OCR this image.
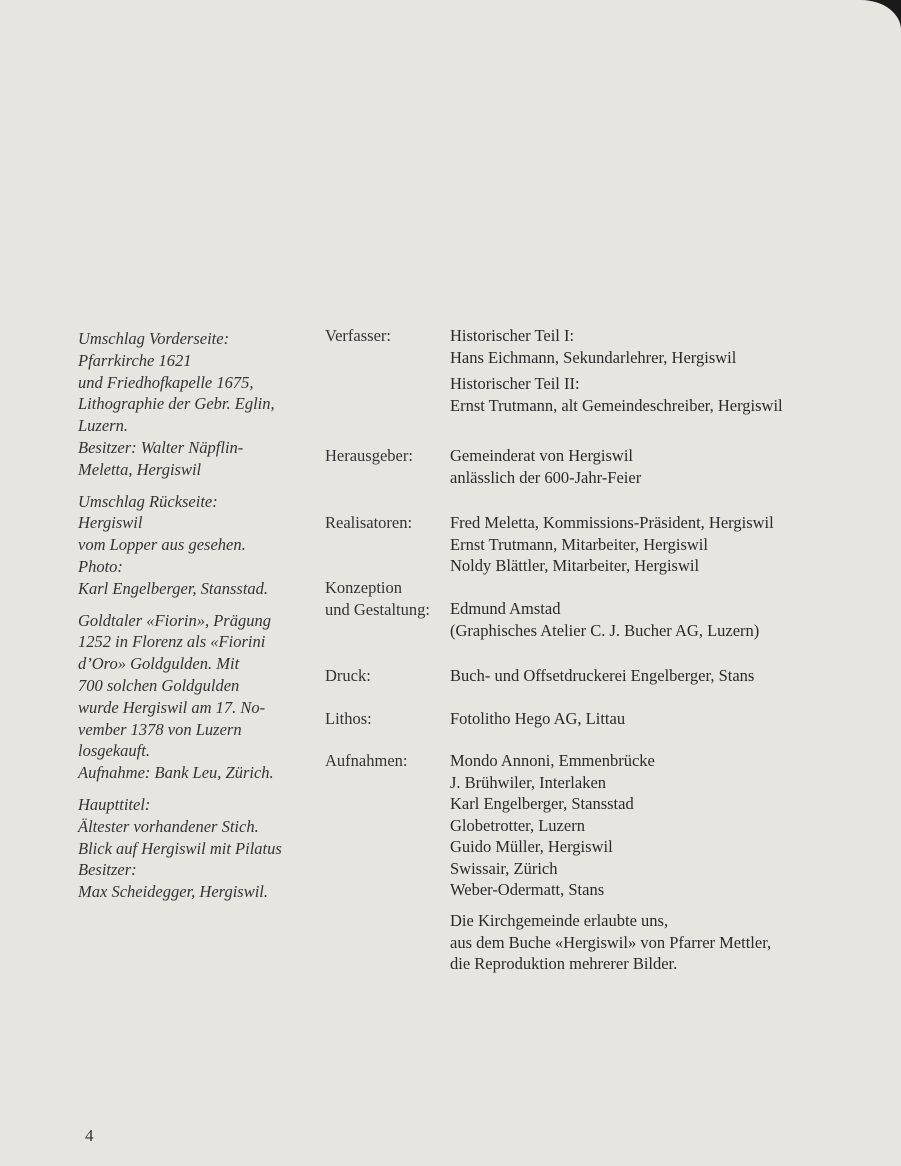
Umschlag Vorderseite:
Pfarrkirche 1621
und Friedhofkapelle 1675,
Lithographie der Gebr. Eglin,
Luzern.
Besitzer: Walter Näpflin-
Meletta, Hergiswil
Umschlag Rückseite:
Hergiswil
vom Lopper aus gesehen.
Photo:
Karl Engelberger, Stansstad.
Goldtaler «Fiorin», Prägung
1252 in Florenz als «Fiorini
d’Oro» Goldgulden. Mit
700 solchen Goldgulden
wurde Hergiswil am 17. No-
vember 1378 von Luzern
losgekauft.
Aufnahme: Bank Leu, Zürich.
Haupttitel:
Ältester vorhandener Stich.
Blick auf Hergiswil mit Pilatus
Besitzer:
Max Scheidegger, Hergiswil.
Verfasser:	Historischer Teil I:
Hans Eichmann, Sekundarlehrer, Hergiswil
Historischer Teil II:
Ernst Trutmann, alt Gemeindeschreiber, Hergiswil
Herausgeber: Gemeinderat von Hergiswil
anlässlich der 600-Jahr-Feier
Realisatoren: Fred Meletta, Kommissions-Präsident, Hergiswil
Ernst Trutmann, Mitarbeiter, Hergiswil
Noldy Blättler, Mitarbeiter, Hergiswil
Konzeption
und Gestaltung: Edmund Amstad
(Graphisches Atelier C. J. Bucher AG, Luzern)
Druck:	Buch- und Offsetdruckerei Engelberger, Stans
Lithos:	Fotolitho Hego AG, Littau
Aufnahmen:	Mondo Annoni, Emmenbrücke
J. Brühwiler, Interlaken
Karl Engelberger, Stansstad
Globetrotter, Luzern
Guido Müller, Hergiswil
Swissair, Zürich
Weber-Odermatt, Stans
Die Kirchgemeinde erlaubte uns,
aus dem Buche «Hergiswil» von Pfarrer Mettler,
die Reproduktion mehrerer Bilder.
4
